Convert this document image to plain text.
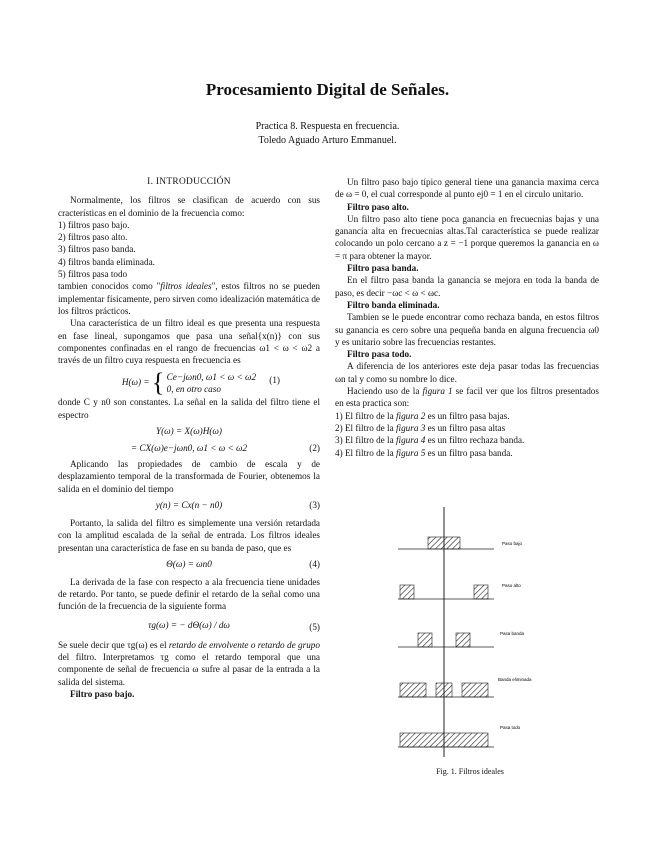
Procesamiento Digital de Señales.
Practica 8. Respuesta en frecuencia.
Toledo Aguado Arturo Emmanuel.
I. INTRODUCCIÓN

Normalmente, los filtros se clasifican de acuerdo con sus cracterísticas en el dominio de la frecuencia como:

1) filtros paso bajo.
2) filtros paso alto.
3) filtros paso banda.
4) filtros banda eliminada.
5) filtros pasa todo

tambien conocidos como "filtros ideales", estos filtros no se pueden implementar físicamente, pero sirven como idealización matemática de los filtros prácticos.

Una característica de un filtro ideal es que presenta una respuesta en fase lineal, supongamos que pasa una señal{x(n)} con sus componentes confinadas en el rango de frecuencias ω1 < ω < ω2 a través de un filtro cuya respuesta en frecuencia es

H(ω) = { Ce−jωn0, ω1 < ω < ω2
0, en otro caso
(1)

donde C y n0 son constantes. La señal en la salida del filtro tiene el espectro

Y(ω) = X(ω)H(ω)
= CX(ω)e−jωn0, ω1 < ω < ω2	(2)

Aplicando las propiedades de cambio de escala y de desplazamiento temporal de la transformada de Fourier, obtenemos la salida en el dominio del tiempo

y(n) = Cx(n − n0)	(3)

Portanto, la salida del filtro es simplemente una versión retardada con la amplitud escalada de la señal de entrada. Los filtros ideales presentan una característica de fase en su banda de paso, que es

Θ(ω) = ωn0	(4)

La derivada de la fase con respecto a ala frecuencia tiene unidades de retardo. Por tanto, se puede definir el retardo de la señal como una función de la frecuencia de la siguiente forma

τg(ω) = − dΘ(ω) / dω	(5)

Se suele decir que τg(ω) es el retardo de envolvente o retardo de grupo del filtro. Interpretamos τg como el retardo temporal que una componente de señal de frecuencia ω sufre al pasar de la entrada a la salida del sistema.

Filtro paso bajo.

Un filtro paso bajo típico general tiene una ganancia maxima cerca de ω = 0, el cual corresponde al punto ej0 = 1 en el circulo unitario.

Filtro paso alto.

Un filtro paso alto tiene poca ganancia en frecuecnias bajas y una ganancia alta en frecuecnias altas.Tal característica se puede realizar colocando un polo cercano a z = −1 porque queremos la ganancia en ω = π para obtener la mayor.

Filtro pasa banda.

En el filtro pasa banda la ganancia se mejora en toda la banda de paso, es decir −ωc < ω < ωc.

Filtro banda eliminada.

Tambien se le puede encontrar como rechaza banda, en estos filtros su ganancia es cero sobre una pequeña banda en alguna frecuencia ω0 y es unitario sobre las frecuencias restantes.

Filtro pasa todo.

A diferencia de los anteriores este deja pasar todas las frecuencias ωn tal y como su nombre lo dice.

Haciendo uso de la figura 1 se facil ver que los filtros presentados en esta practica son:

1) El filtro de la figura 2 es un filtro pasa bajas.
2) El filtro de la figura 3 es un filtro pasa altas
3) El filtro de la figura 4 es un filtro rechaza banda.
4) El filtro de la figura 5 es un filtro pasa banda.
Paso bajo
Paso alto
Pasa banda
Banda eliminada
Pasa todo
Fig. 1. Filtros ideales
